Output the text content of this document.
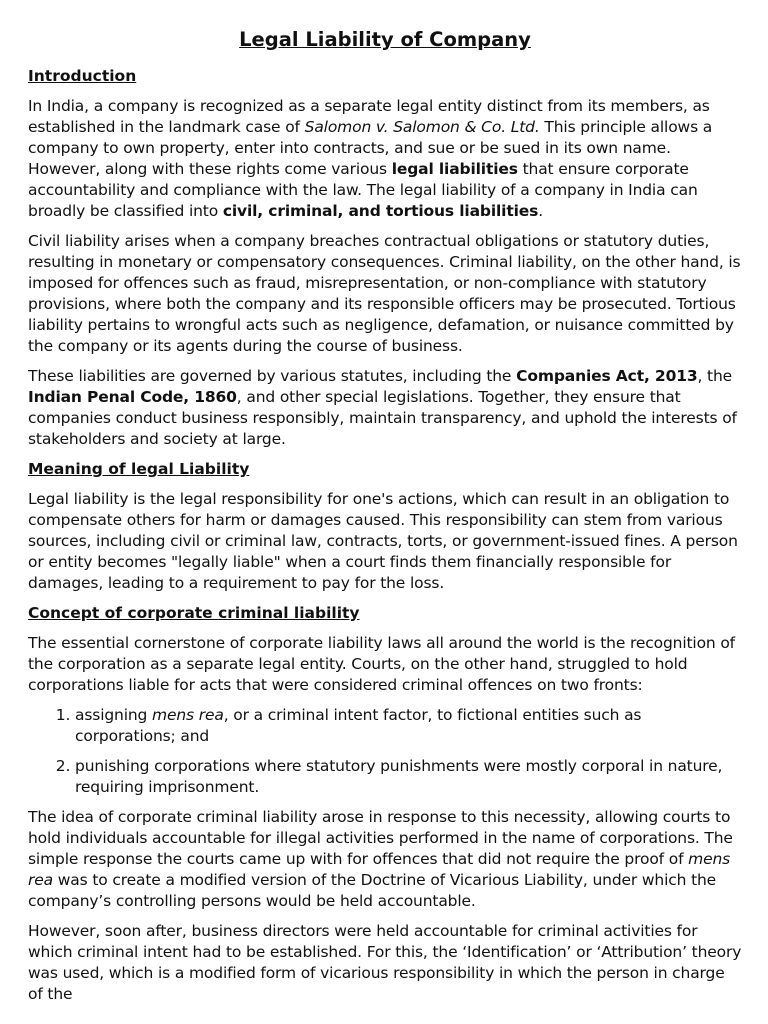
Legal Liability of Company
Introduction

In India, a company is recognized as a separate legal entity distinct from its members, as established in the landmark case of Salomon v. Salomon & Co. Ltd. This principle allows a company to own property, enter into contracts, and sue or be sued in its own name. However, along with these rights come various legal liabilities that ensure corporate accountability and compliance with the law. The legal liability of a company in India can broadly be classified into civil, criminal, and tortious liabilities.

Civil liability arises when a company breaches contractual obligations or statutory duties, resulting in monetary or compensatory consequences. Criminal liability, on the other hand, is imposed for offences such as fraud, misrepresentation, or non-compliance with statutory provisions, where both the company and its responsible officers may be prosecuted. Tortious liability pertains to wrongful acts such as negligence, defamation, or nuisance committed by the company or its agents during the course of business.

These liabilities are governed by various statutes, including the Companies Act, 2013, the Indian Penal Code, 1860, and other special legislations. Together, they ensure that companies conduct business responsibly, maintain transparency, and uphold the interests of stakeholders and society at large.

Meaning of legal Liability

Legal liability is the legal responsibility for one's actions, which can result in an obligation to compensate others for harm or damages caused. This responsibility can stem from various sources, including civil or criminal law, contracts, torts, or government-issued fines. A person or entity becomes "legally liable" when a court finds them financially responsible for damages, leading to a requirement to pay for the loss.

Concept of corporate criminal liability

The essential cornerstone of corporate liability laws all around the world is the recognition of the corporation as a separate legal entity. Courts, on the other hand, struggled to hold corporations liable for acts that were considered criminal offences on two fronts:

1. assigning mens rea, or a criminal intent factor, to fictional entities such as corporations; and
2. punishing corporations where statutory punishments were mostly corporal in nature, requiring imprisonment.

The idea of corporate criminal liability arose in response to this necessity, allowing courts to hold individuals accountable for illegal activities performed in the name of corporations. The simple response the courts came up with for offences that did not require the proof of mens rea was to create a modified version of the Doctrine of Vicarious Liability, under which the company’s controlling persons would be held accountable.

However, soon after, business directors were held accountable for criminal activities for which criminal intent had to be established. For this, the ‘Identification’ or ‘Attribution’ theory was used, which is a modified form of vicarious responsibility in which the person in charge of the
